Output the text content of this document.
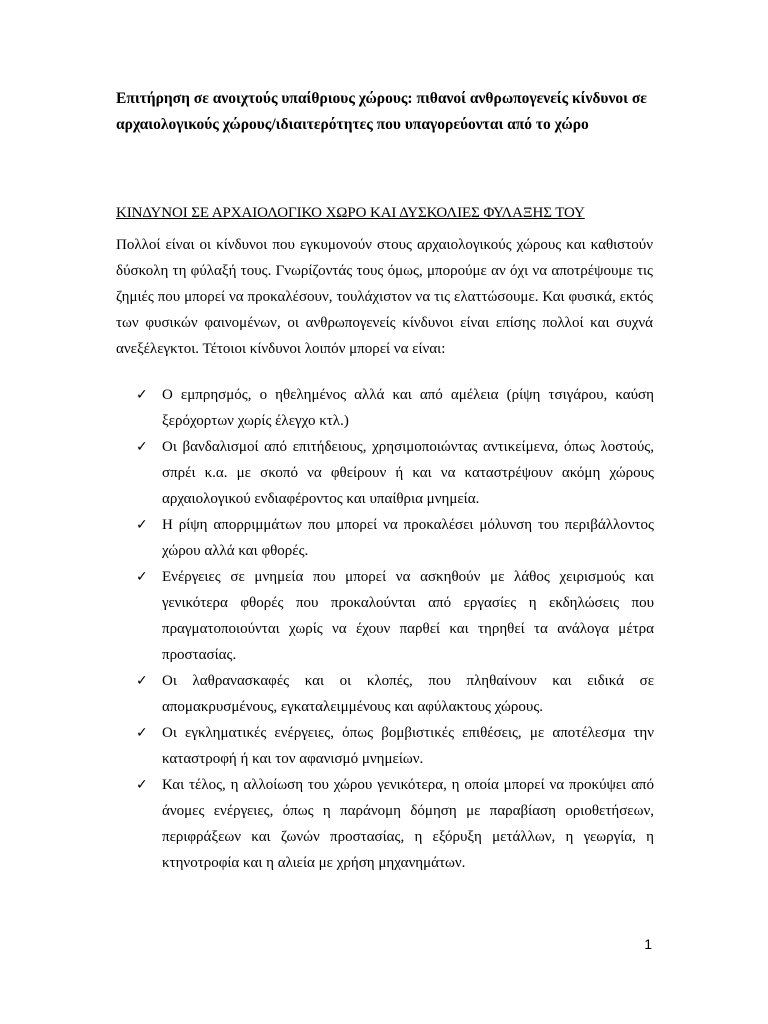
Επιτήρηση σε ανοιχτούς υπαίθριους χώρους: πιθανοί ανθρωπογενείς κίνδυνοι σε αρχαιολογικούς χώρους/ιδιαιτερότητες που υπαγορεύονται από το χώρο

ΚΙΝΔΥΝΟΙ ΣΕ ΑΡΧΑΙΟΛΟΓΙΚΟ ΧΩΡΟ ΚΑΙ ΔΥΣΚΟΛΙΕΣ ΦΥΛΑΞΗΣ ΤΟΥ

Πολλοί είναι οι κίνδυνοι που εγκυμονούν στους αρχαιολογικούς χώρους και καθιστούν δύσκολη τη φύλαξή τους. Γνωρίζοντάς τους όμως, μπορούμε αν όχι να αποτρέψουμε τις ζημιές που μπορεί να προκαλέσουν, τουλάχιστον να τις ελαττώσουμε. Και φυσικά, εκτός των φυσικών φαινομένων, οι ανθρωπογενείς κίνδυνοι είναι επίσης πολλοί και συχνά ανεξέλεγκτοι. Τέτοιοι κίνδυνοι λοιπόν μπορεί να είναι:

✓ Ο εμπρησμός, ο ηθελημένος αλλά και από αμέλεια (ρίψη τσιγάρου, καύση ξερόχορτων χωρίς έλεγχο κτλ.)
✓ Οι βανδαλισμοί από επιτήδειους, χρησιμοποιώντας αντικείμενα, όπως λοστούς, σπρέι κ.α. με σκοπό να φθείρουν ή και να καταστρέψουν ακόμη χώρους αρχαιολογικού ενδιαφέροντος και υπαίθρια μνημεία.
✓ Η ρίψη απορριμμάτων που μπορεί να προκαλέσει μόλυνση του περιβάλλοντος χώρου αλλά και φθορές.
✓ Ενέργειες σε μνημεία που μπορεί να ασκηθούν με λάθος χειρισμούς και γενικότερα φθορές που προκαλούνται από εργασίες η εκδηλώσεις που πραγματοποιούνται χωρίς να έχουν παρθεί και τηρηθεί τα ανάλογα μέτρα προστασίας.
✓ Οι λαθρανασκαφές και οι κλοπές, που πληθαίνουν και ειδικά σε απομακρυσμένους, εγκαταλειμμένους και αφύλακτους χώρους.
✓ Οι εγκληματικές ενέργειες, όπως βομβιστικές επιθέσεις, με αποτέλεσμα την καταστροφή ή και τον αφανισμό μνημείων.
✓ Και τέλος, η αλλοίωση του χώρου γενικότερα, η οποία μπορεί να προκύψει από άνομες ενέργειες, όπως η παράνομη δόμηση με παραβίαση οριοθετήσεων, περιφράξεων και ζωνών προστασίας, η εξόρυξη μετάλλων, η γεωργία, η κτηνοτροφία και η αλιεία με χρήση μηχανημάτων.
1
